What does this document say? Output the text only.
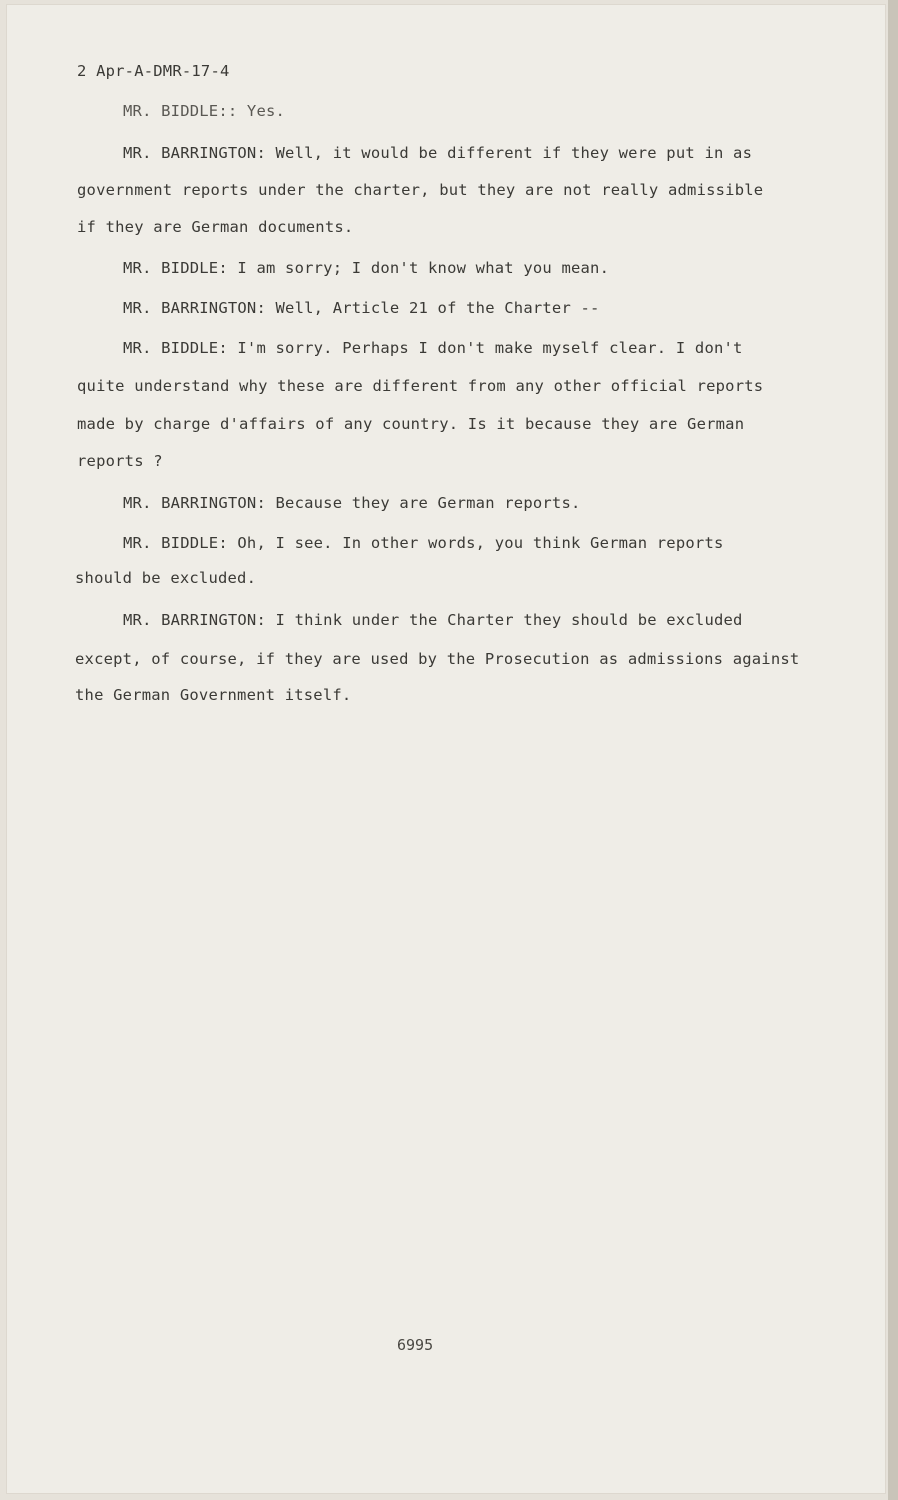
2 Apr-A-DMR-17-4
MR. BIDDLE:: Yes.
MR. BARRINGTON: Well, it would be different if they were put in as
government reports under the charter, but they are not really admissible
if they are German documents.
MR. BIDDLE: I am sorry; I don't know what you mean.
MR. BARRINGTON: Well, Article 21 of the Charter --
MR. BIDDLE: I'm sorry. Perhaps I don't make myself clear. I don't
quite understand why these are different from any other official reports
made by charge d'affairs of any country. Is it because they are German
reports ?
MR. BARRINGTON: Because they are German reports.
MR. BIDDLE: Oh, I see. In other words, you think German reports
should be excluded.
MR. BARRINGTON: I think under the Charter they should be excluded
except, of course, if they are used by the Prosecution as admissions against
the German Government itself.
6995
